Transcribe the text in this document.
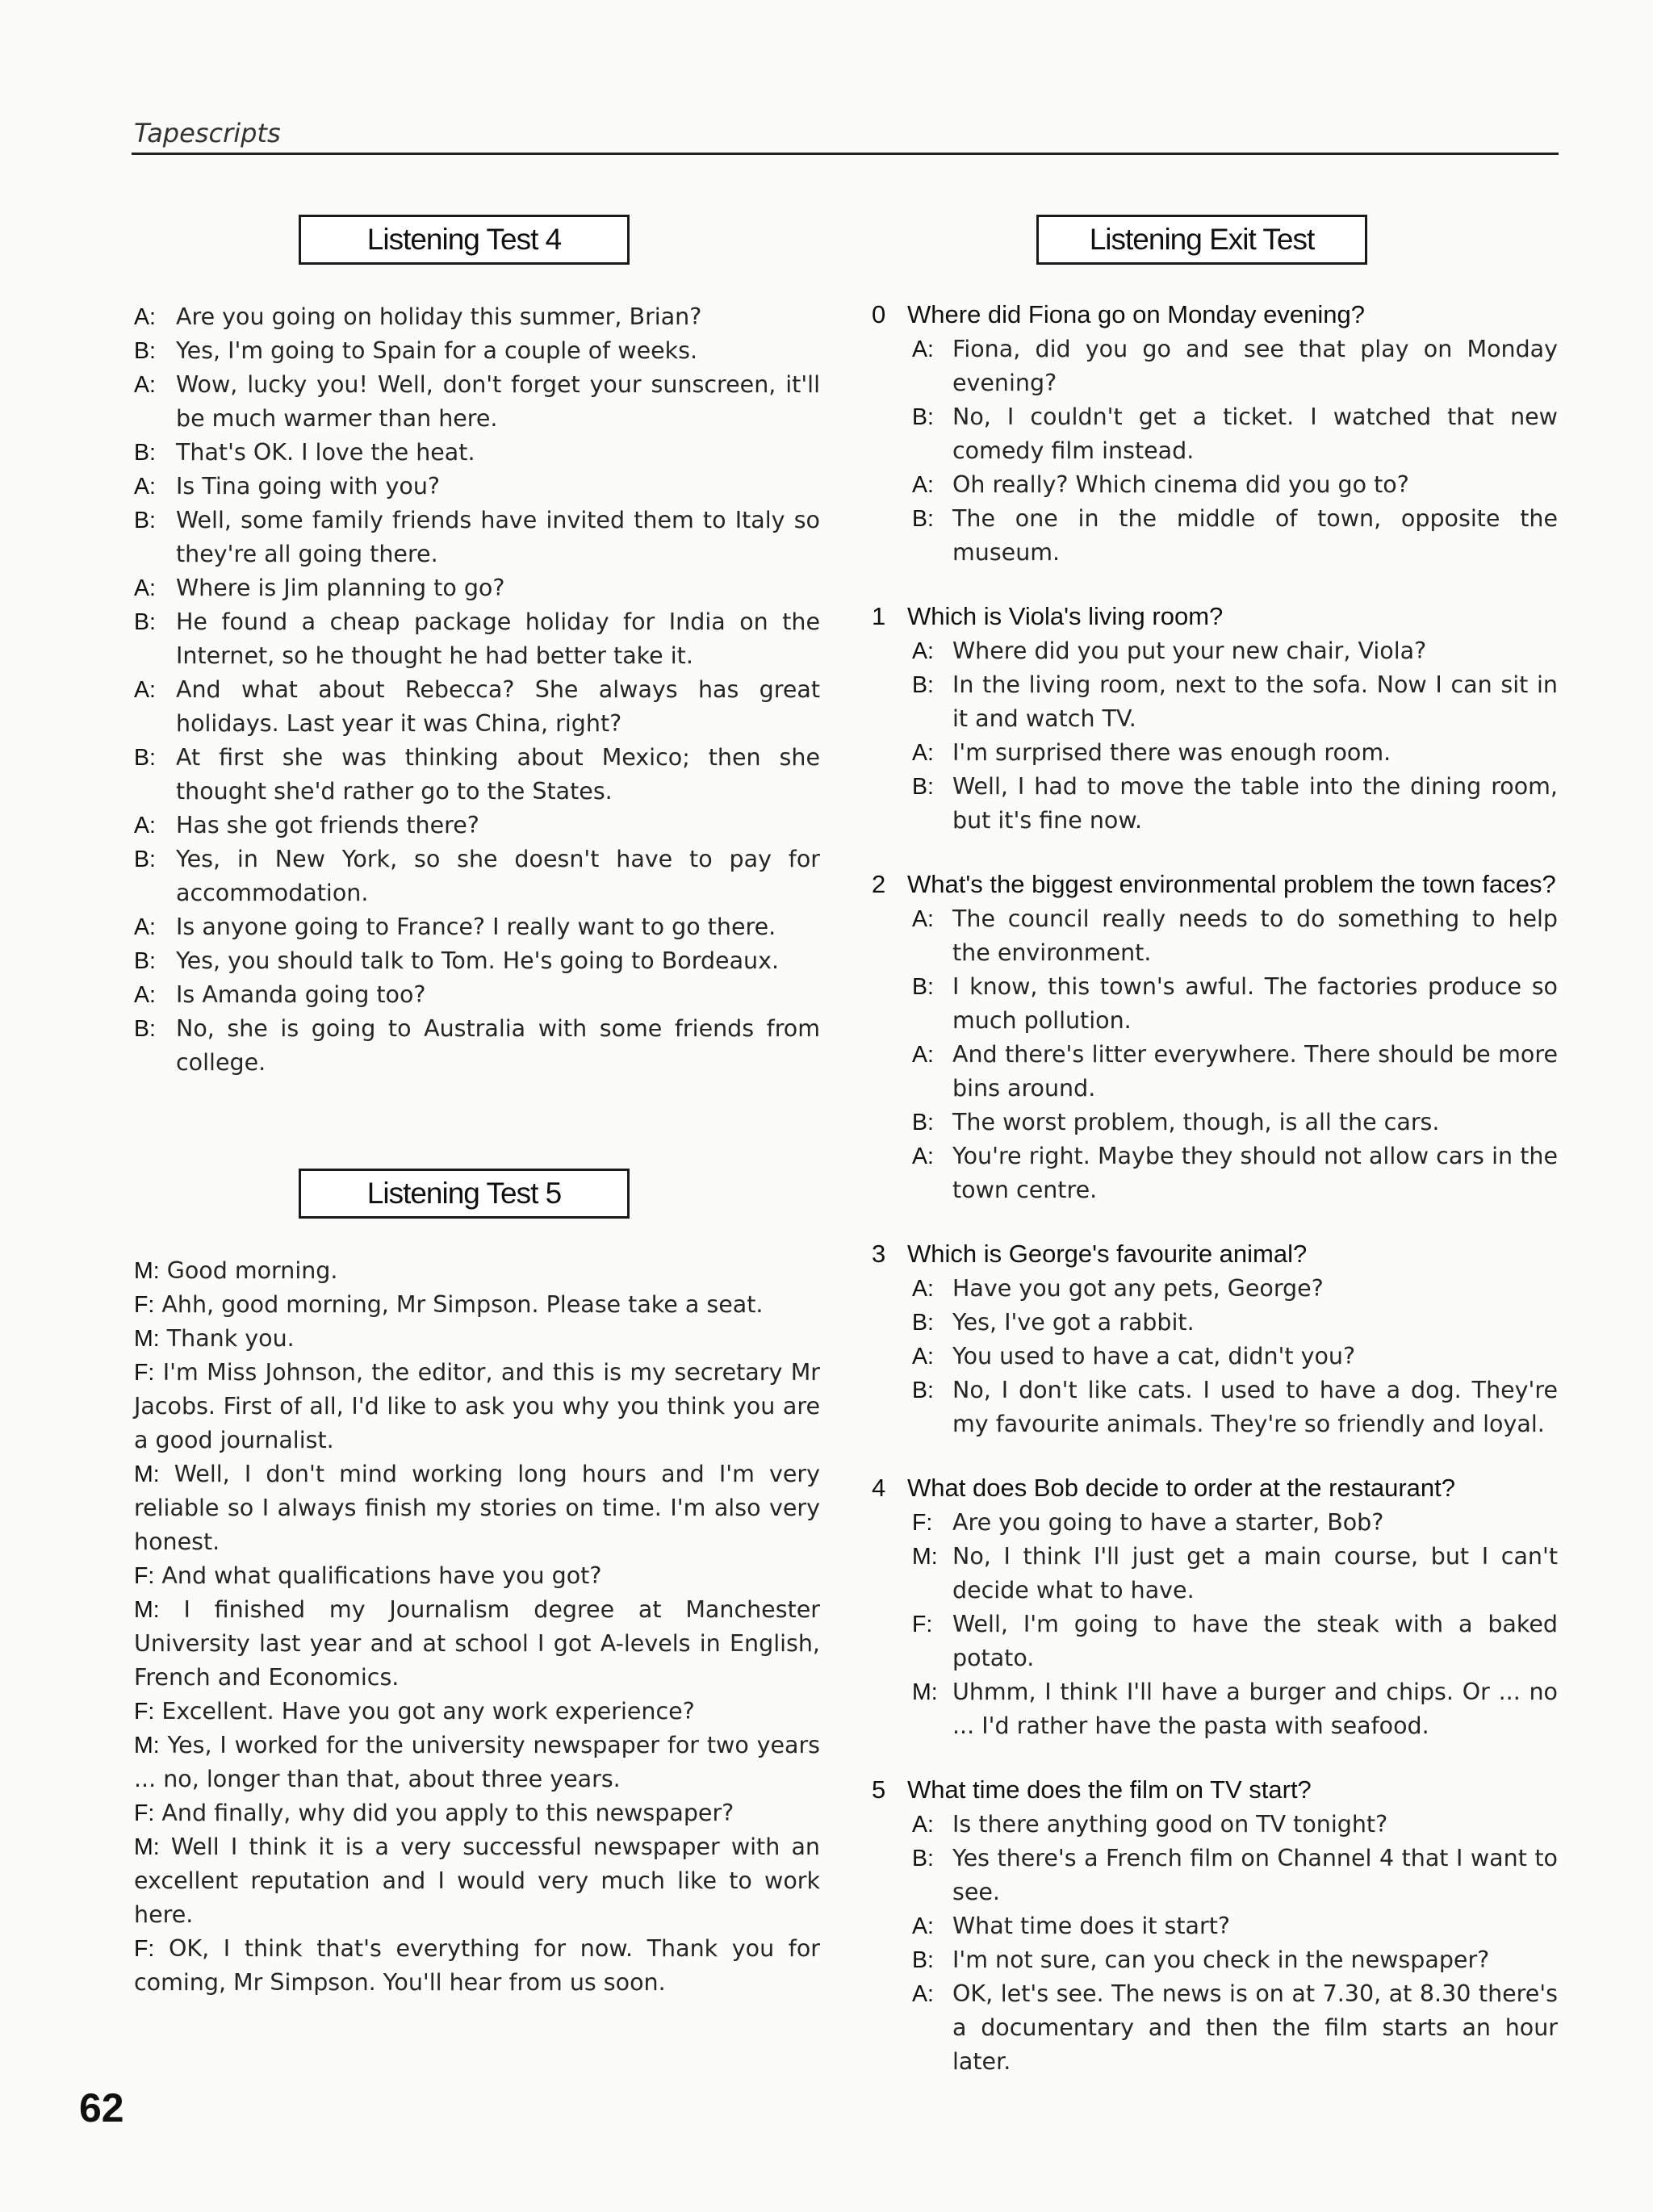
Tapescripts
Listening Test 4
A: Are you going on holiday this summer, Brian?
B: Yes, I'm going to Spain for a couple of weeks.
A: Wow, lucky you! Well, don't forget your sunscreen, it'll be much warmer than here.
B: That's OK. I love the heat.
A: Is Tina going with you?
B: Well, some family friends have invited them to Italy so they're all going there.
A: Where is Jim planning to go?
B: He found a cheap package holiday for India on the Internet, so he thought he had better take it.
A: And what about Rebecca? She always has great holidays. Last year it was China, right?
B: At first she was thinking about Mexico; then she thought she'd rather go to the States.
A: Has she got friends there?
B: Yes, in New York, so she doesn't have to pay for accommodation.
A: Is anyone going to France? I really want to go there.
B: Yes, you should talk to Tom. He's going to Bordeaux.
A: Is Amanda going too?
B: No, she is going to Australia with some friends from college.
Listening Test 5
M: Good morning.
F: Ahh, good morning, Mr Simpson. Please take a seat.
M: Thank you.
F: I'm Miss Johnson, the editor, and this is my secretary Mr Jacobs. First of all, I'd like to ask you why you think you are a good journalist.
M: Well, I don't mind working long hours and I'm very reliable so I always finish my stories on time. I'm also very honest.
F: And what qualifications have you got?
M: I finished my Journalism degree at Manchester University last year and at school I got A-levels in English, French and Economics.
F: Excellent. Have you got any work experience?
M: Yes, I worked for the university newspaper for two years ... no, longer than that, about three years.
F: And finally, why did you apply to this newspaper?
M: Well I think it is a very successful newspaper with an excellent reputation and I would very much like to work here.
F: OK, I think that's everything for now. Thank you for coming, Mr Simpson. You'll hear from us soon.
Listening Exit Test
0 Where did Fiona go on Monday evening?
A: Fiona, did you go and see that play on Monday evening?
B: No, I couldn't get a ticket. I watched that new comedy film instead.
A: Oh really? Which cinema did you go to?
B: The one in the middle of town, opposite the museum.
1 Which is Viola's living room?
A: Where did you put your new chair, Viola?
B: In the living room, next to the sofa. Now I can sit in it and watch TV.
A: I'm surprised there was enough room.
B: Well, I had to move the table into the dining room, but it's fine now.
2 What's the biggest environmental problem the town faces?
A: The council really needs to do something to help the environment.
B: I know, this town's awful. The factories produce so much pollution.
A: And there's litter everywhere. There should be more bins around.
B: The worst problem, though, is all the cars.
A: You're right. Maybe they should not allow cars in the town centre.
3 Which is George's favourite animal?
A: Have you got any pets, George?
B: Yes, I've got a rabbit.
A: You used to have a cat, didn't you?
B: No, I don't like cats. I used to have a dog. They're my favourite animals. They're so friendly and loyal.
4 What does Bob decide to order at the restaurant?
F: Are you going to have a starter, Bob?
M: No, I think I'll just get a main course, but I can't decide what to have.
F: Well, I'm going to have the steak with a baked potato.
M: Uhmm, I think I'll have a burger and chips. Or ... no ... I'd rather have the pasta with seafood.
5 What time does the film on TV start?
A: Is there anything good on TV tonight?
B: Yes there's a French film on Channel 4 that I want to see.
A: What time does it start?
B: I'm not sure, can you check in the newspaper?
A: OK, let's see. The news is on at 7.30, at 8.30 there's a documentary and then the film starts an hour later.
62
